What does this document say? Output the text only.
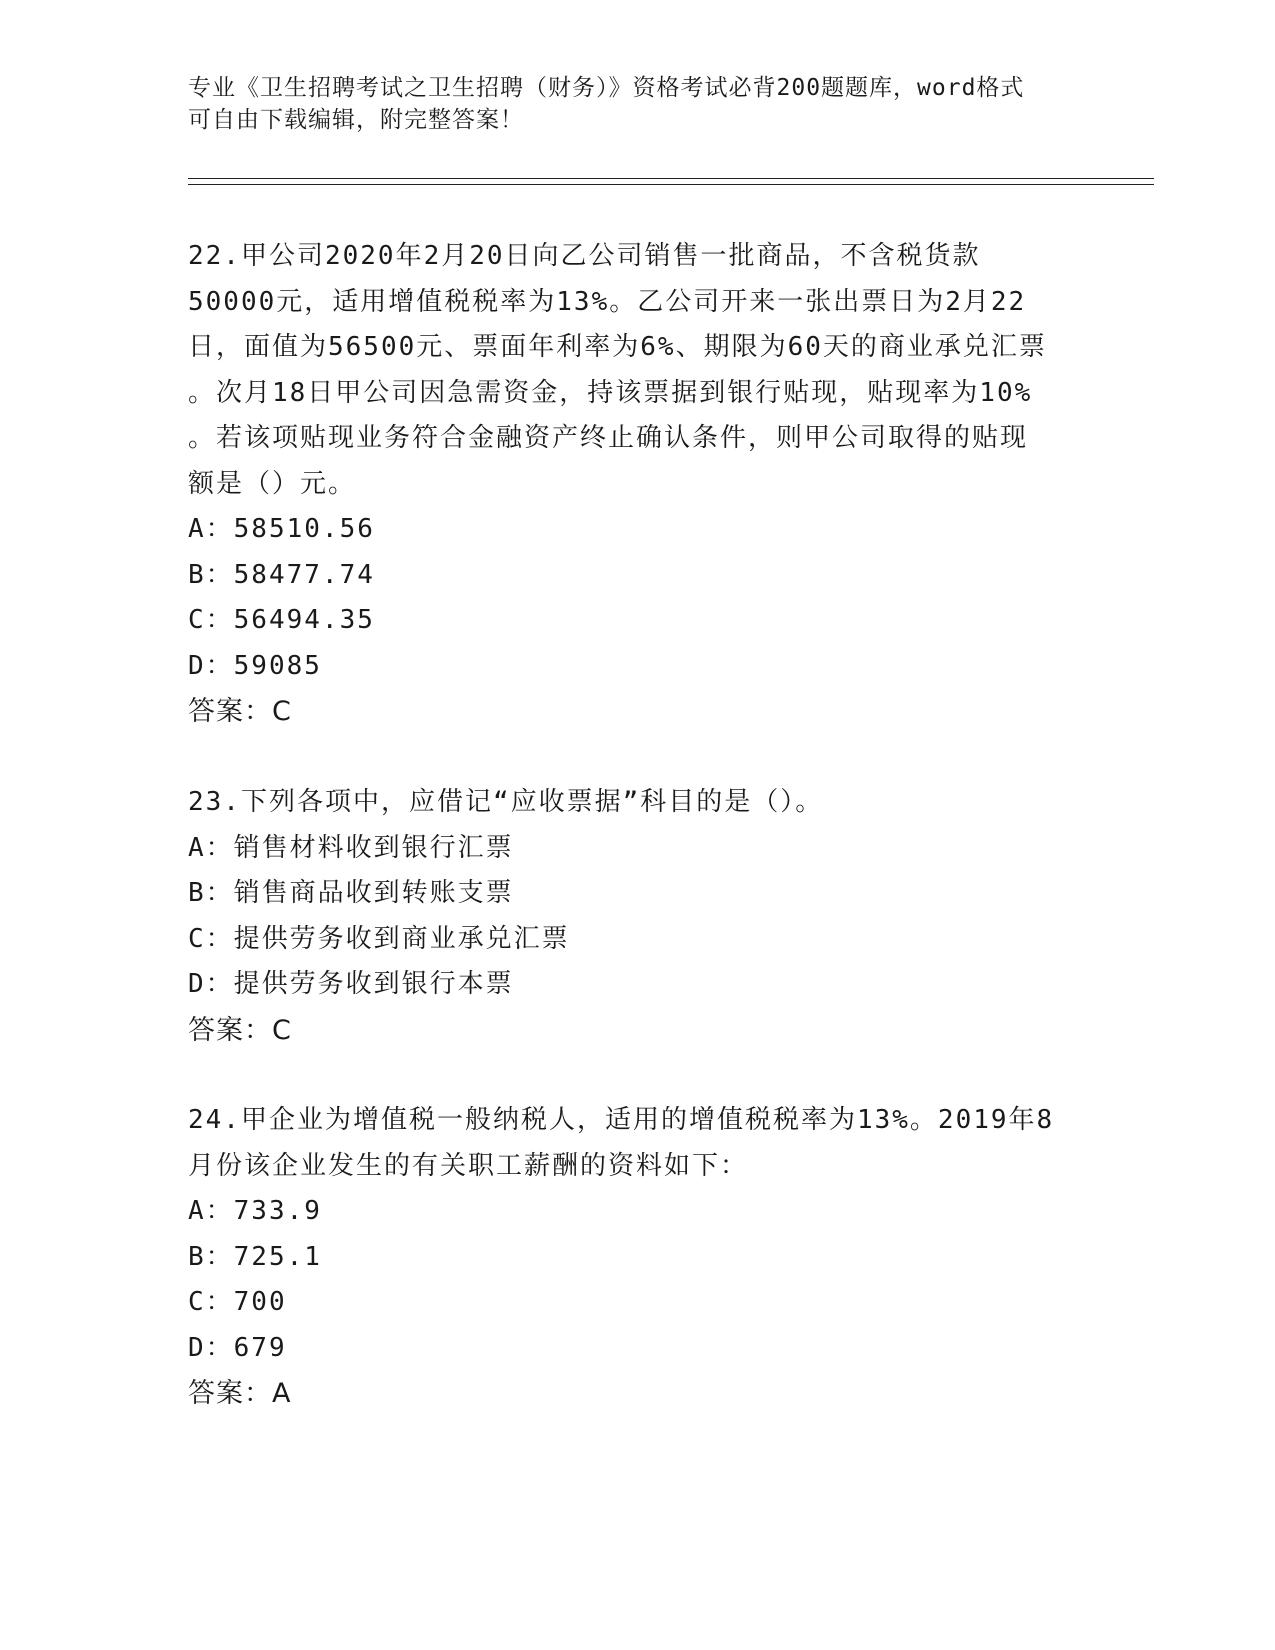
专业《卫生招聘考试之卫生招聘（财务）》资格考试必背200题题库，word格式
可自由下载编辑，附完整答案！
22.甲公司2020年2月20日向乙公司销售一批商品，不含税货款
50000元，适用增值税税率为13%。乙公司开来一张出票日为2月22
日，面值为56500元、票面年利率为6%、期限为60天的商业承兑汇票
。次月18日甲公司因急需资金，持该票据到银行贴现，贴现率为10%
。若该项贴现业务符合金融资产终止确认条件，则甲公司取得的贴现
额是（）元。
A：58510.56
B：58477.74
C：56494.35
D：59085
答案：C
23.下列各项中，应借记“应收票据”科目的是（）。
A：销售材料收到银行汇票
B：销售商品收到转账支票
C：提供劳务收到商业承兑汇票
D：提供劳务收到银行本票
答案：C
24.甲企业为增值税一般纳税人，适用的增值税税率为13%。2019年8
月份该企业发生的有关职工薪酬的资料如下：
A：733.9
B：725.1
C：700
D：679
答案：A
